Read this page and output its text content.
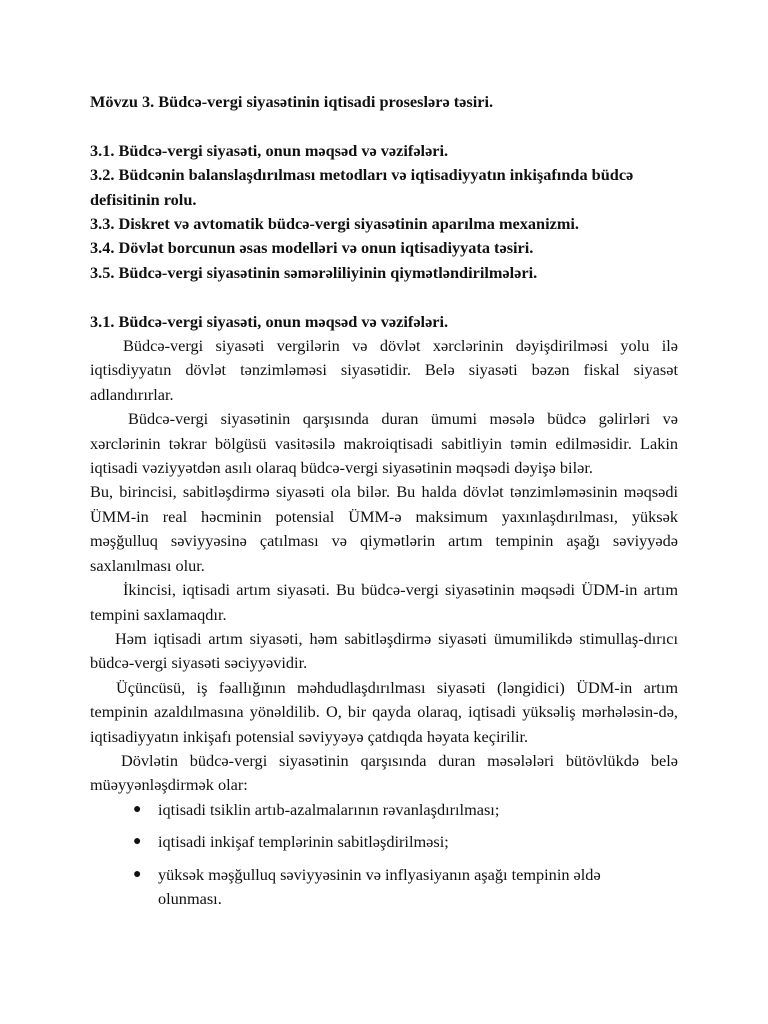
Mövzu 3. Büdcə-vergi siyasətinin iqtisadi proseslərə təsiri.

3.1. Büdcə-vergi siyasəti, onun məqsəd və vəzifələri.

3.2. Büdcənin balanslaşdırılması metodları və iqtisadiyyatın inkişafında büdcə defisitinin rolu.

3.3. Diskret və avtomatik büdcə-vergi siyasətinin aparılma mexanizmi.

3.4. Dövlət borcunun əsas modelləri və onun iqtisadiyyata təsiri.

3.5. Büdcə-vergi siyasətinin səmərəliliyinin qiymətləndirilmələri.

3.1. Büdcə-vergi siyasəti, onun məqsəd və vəzifələri.

Büdcə-vergi siyasəti vergilərin və dövlət xərclərinin dəyişdirilməsi yolu ilə iqtisdiyyatın dövlət tənzimləməsi siyasətidir. Belə siyasəti bəzən fiskal siyasət adlandırırlar.

Büdcə-vergi siyasətinin qarşısında duran ümumi məsələ büdcə gəlirləri və xərclərinin təkrar bölgüsü vasitəsilə makroiqtisadi sabitliyin təmin edilməsidir. Lakin iqtisadi vəziyyətdən asılı olaraq büdcə-vergi siyasətinin məqsədi dəyişə bilər.

Bu, birincisi, sabitləşdirmə siyasəti ola bilər. Bu halda dövlət tənzimləməsinin məqsədi ÜMM-in real həcminin potensial ÜMM-ə maksimum yaxınlaşdırılması, yüksək məşğulluq səviyyəsinə çatılması və qiymətlərin artım tempinin aşağı səviyyədə saxlanılması olur.

İkincisi, iqtisadi artım siyasəti. Bu büdcə-vergi siyasətinin məqsədi ÜDM-in artım tempini saxlamaqdır.

Həm iqtisadi artım siyasəti, həm sabitləşdirmə siyasəti ümumilikdə stimullaş-dırıcı büdcə-vergi siyasəti səciyyəvidir.

Üçüncüsü, iş fəallığının məhdudlaşdırılması siyasəti (ləngidici) ÜDM-in artım tempinin azaldılmasına yönəldilib. O, bir qayda olaraq, iqtisadi yüksəliş mərhələsin-də, iqtisadiyyatın inkişafı potensial səviyyəyə çatdıqda həyata keçirilir.

Dövlətin büdcə-vergi siyasətinin qarşısında duran məsələləri bütövlükdə belə müəyyənləşdirmək olar:

● iqtisadi tsiklin artıb-azalmalarının rəvanlaşdırılması;
● iqtisadi inkişaf templərinin sabitləşdirilməsi;
● yüksək məşğulluq səviyyəsinin və inflyasiyanın aşağı tempinin əldə olunması.
